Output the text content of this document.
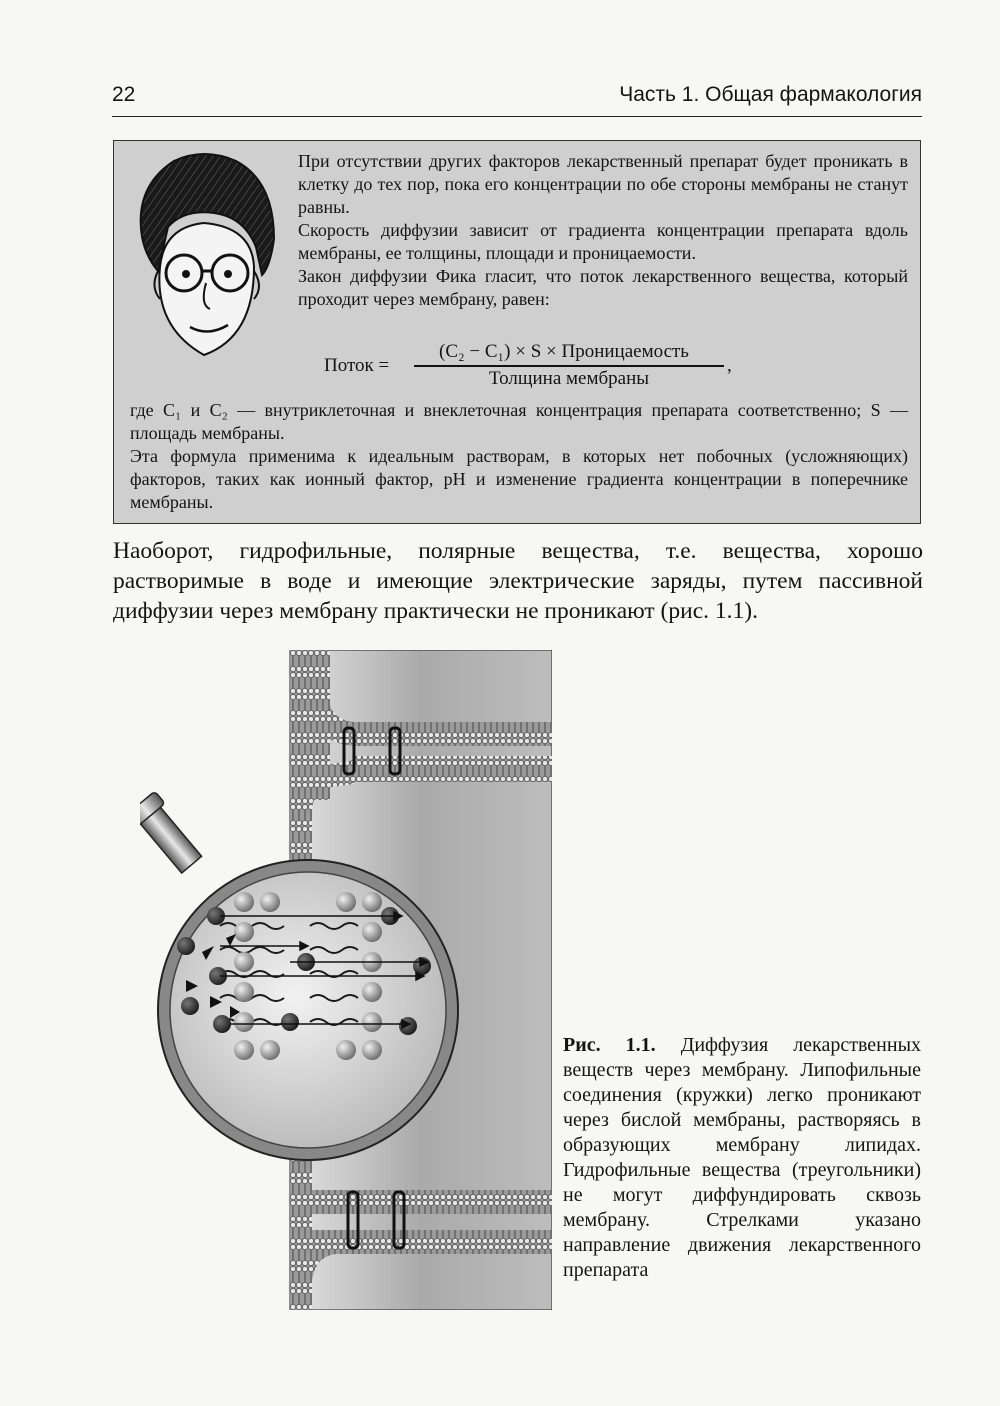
22	Часть 1. Общая фармакология

При отсутствии других факторов лекарственный препарат будет проникать в клетку до тех пор, пока его концентрации по обе стороны мембраны не станут равны.

Скорость диффузии зависит от градиента концентрации препарата вдоль мембраны, ее толщины, площади и проницаемости.

Закон диффузии Фика гласит, что поток лекарственного вещества, который проходит через мембрану, равен:

Поток =
(C₂ − C₁) × S × Проницаемость
Толщина мембраны
,

где C₁ и C₂ — внутриклеточная и внеклеточная концентрация препарата соответственно; S — площадь мембраны.

Эта формула применима к идеальным растворам, в которых нет побочных (усложняющих) факторов, таких как ионный фактор, pH и изменение градиента концентрации в поперечнике мембраны.

Наоборот, гидрофильные, полярные вещества, т.е. вещества, хорошо растворимые в воде и имеющие электрические заряды, путем пассивной диффузии через мембрану практически не проникают (рис. 1.1).
Рис. 1.1. Диффузия лекарственных веществ через мембрану. Липофильные соединения (кружки) легко проникают через бислой мембраны, растворяясь в образующих мембрану липидах. Гидрофильные вещества (треугольники) не могут диффундировать сквозь мембрану. Стрелками указано направление движения лекарственного препарата
